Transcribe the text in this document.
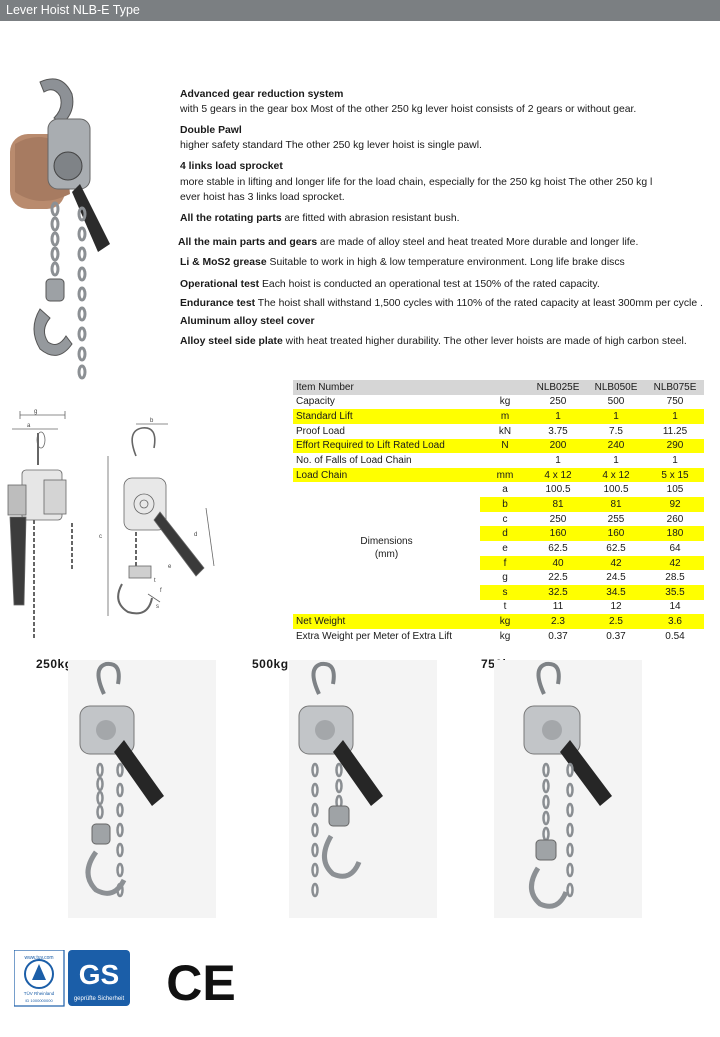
Lever Hoist NLB-E Type
Advanced gear reduction system
with 5 gears in the gear box Most of the other 250 kg lever hoist consists of 2 gears or without gear.
Double Pawl
higher safety standard The other 250 kg lever hoist is single pawl.
4 links load sprocket
more stable in lifting and longer life for the load chain, especially for the 250 kg hoist The other 250 kg l
ever hoist has 3 links load sprocket.
All the rotating parts are fitted with abrasion resistant bush.
All the main parts and gears are made of alloy steel and heat treated More durable and longer life.
Li & MoS2 grease Suitable to work in high & low temperature environment. Long life brake discs
Operational test Each hoist is conducted an operational test at 150% of the rated capacity.
Endurance test The hoist shall withstand 1,500 cycles with 110% of the rated capacity at least 300mm per cycle .
Aluminum alloy steel cover
Alloy steel side plate with heat treated higher durability. The other lever hoists are made of high carbon steel.
g
a
b
c	d
e
f
s
t
Item Number		NLB025E	NLB050E	NLB075E
Capacity	kg	250	500	750
Standard Lift	m	1	1	1
Proof Load	kN	3.75	7.5	11.25
Effort Required to Lift Rated Load	N	200	240	290
No. of Falls of Load Chain		1	1	1
Load Chain	mm	4 x 12	4 x 12	5 x 15
Dimensions
(mm)	a	100.5	100.5	105
	b	81	81	92
	c	250	255	260
	d	160	160	180
	e	62.5	62.5	64
	f	40	42	42
	g	22.5	24.5	28.5
	s	32.5	34.5	35.5
	t	11	12	14
Net Weight	kg	2.3	2.5	3.6
Extra Weight per Meter of Extra Lift	kg	0.37	0.37	0.54
250kg	500kg	750kg
www.tuv.com
TÜV Rheinland
ID 1000000000
GS
geprüfte Sicherheit CE
